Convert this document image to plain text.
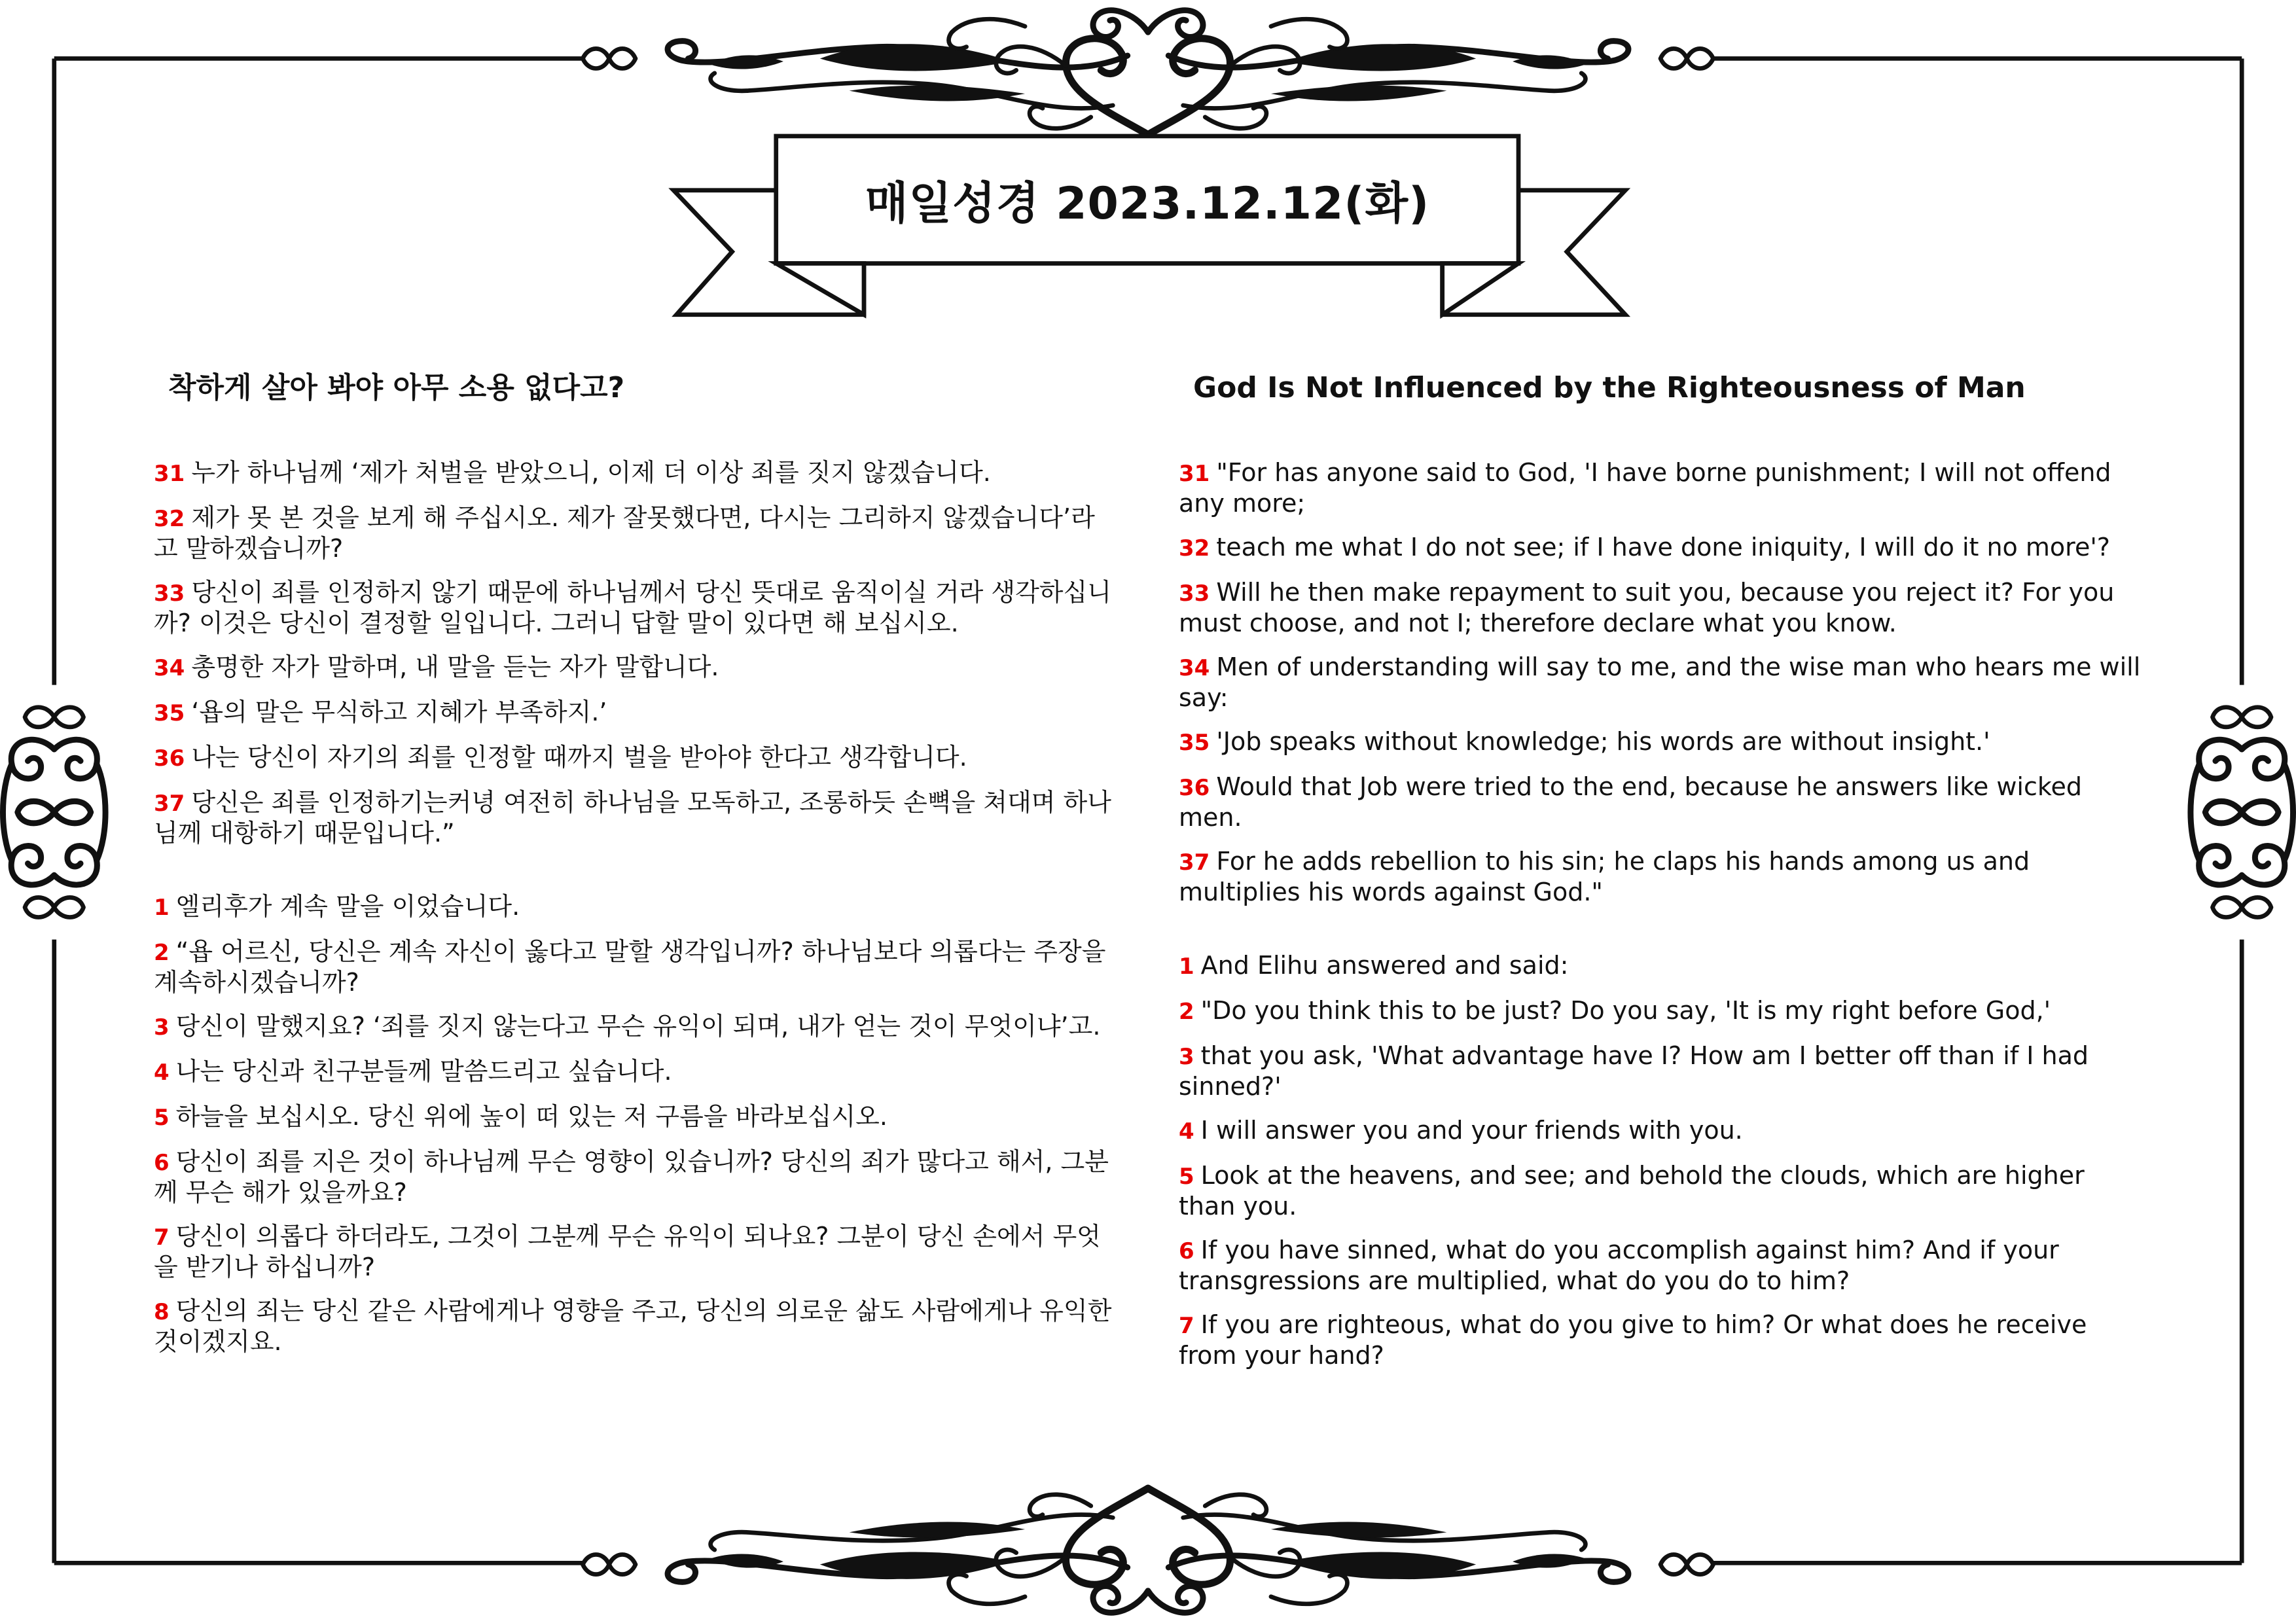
매일성경 2023.12.12(화)
착하게 살아 봐야 아무 소용 없다고?	God Is Not Influenced by the Righteousness of Man

31 누가 하나님께 ‘제가 처벌을 받았으니, 이제 더 이상 죄를 짓지 않겠습니다.

32 제가 못 본 것을 보게 해 주십시오. 제가 잘못했다면, 다시는 그리하지 않겠습니다’라고 말하겠습니까?

33 당신이 죄를 인정하지 않기 때문에 하나님께서 당신 뜻대로 움직이실 거라 생각하십니까? 이것은 당신이 결정할 일입니다. 그러니 답할 말이 있다면 해 보십시오.

34 총명한 자가 말하며, 내 말을 듣는 자가 말합니다.

35 ‘욥의 말은 무식하고 지혜가 부족하지.’

36 나는 당신이 자기의 죄를 인정할 때까지 벌을 받아야 한다고 생각합니다.

37 당신은 죄를 인정하기는커녕 여전히 하나님을 모독하고, 조롱하듯 손뼉을 쳐대며 하나님께 대항하기 때문입니다.”

1 엘리후가 계속 말을 이었습니다.

2 “욥 어르신, 당신은 계속 자신이 옳다고 말할 생각입니까? 하나님보다 의롭다는 주장을 계속하시겠습니까?

3 당신이 말했지요? ‘죄를 짓지 않는다고 무슨 유익이 되며, 내가 얻는 것이 무엇이냐’고.

4 나는 당신과 친구분들께 말씀드리고 싶습니다.

5 하늘을 보십시오. 당신 위에 높이 떠 있는 저 구름을 바라보십시오.

6 당신이 죄를 지은 것이 하나님께 무슨 영향이 있습니까? 당신의 죄가 많다고 해서, 그분께 무슨 해가 있을까요?

7 당신이 의롭다 하더라도, 그것이 그분께 무슨 유익이 되나요? 그분이 당신 손에서 무엇을 받기나 하십니까?

8 당신의 죄는 당신 같은 사람에게나 영향을 주고, 당신의 의로운 삶도 사람에게나 유익한 것이겠지요.

31 "For has anyone said to God, 'I have borne punishment; I will not offend any more;

32 teach me what I do not see; if I have done iniquity, I will do it no more'?

33 Will he then make repayment to suit you, because you reject it? For you must choose, and not I; therefore declare what you know.

34 Men of understanding will say to me, and the wise man who hears me will say:

35 'Job speaks without knowledge; his words are without insight.'

36 Would that Job were tried to the end, because he answers like wicked men.

37 For he adds rebellion to his sin; he claps his hands among us and multiplies his words against God."

1 And Elihu answered and said:

2 "Do you think this to be just? Do you say, 'It is my right before God,'

3 that you ask, 'What advantage have I? How am I better off than if I had sinned?'

4 I will answer you and your friends with you.

5 Look at the heavens, and see; and behold the clouds, which are higher than you.

6 If you have sinned, what do you accomplish against him? And if your transgressions are multiplied, what do you do to him?

7 If you are righteous, what do you give to him? Or what does he receive from your hand?
